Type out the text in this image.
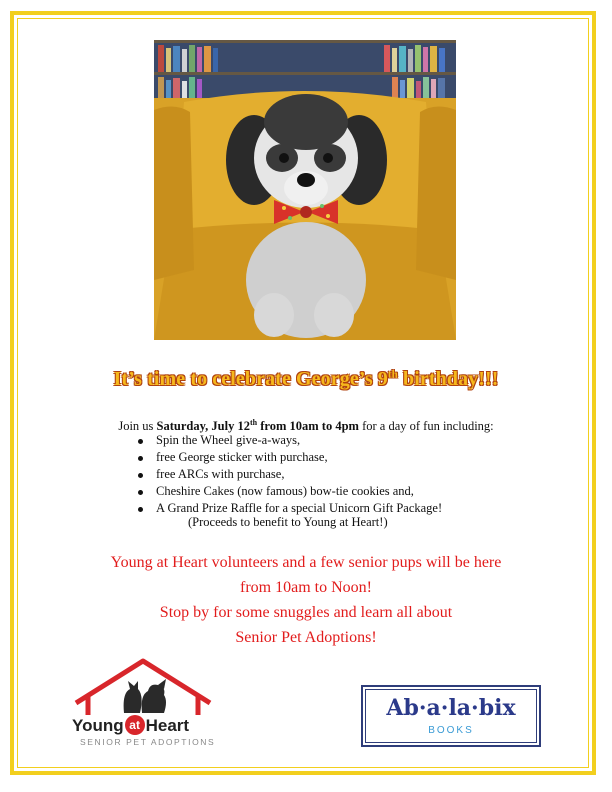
It’s time to celebrate George’s 9th birthday!!!
Join us Saturday, July 12th from 10am to 4pm for a day of fun including:
Spin the Wheel give-a-ways,
free George sticker with purchase,
free ARCs with purchase,
Cheshire Cakes (now famous) bow-tie cookies and,
A Grand Prize Raffle for a special Unicorn Gift Package!
(Proceeds to benefit to Young at Heart!)
Young at Heart volunteers and a few senior pups will be here
from 10am to Noon!
Stop by for some snuggles and learn all about
Senior Pet Adoptions!
Young at Heart
SENIOR PET ADOPTIONS
Ab·a·la·bix
BOOKS
